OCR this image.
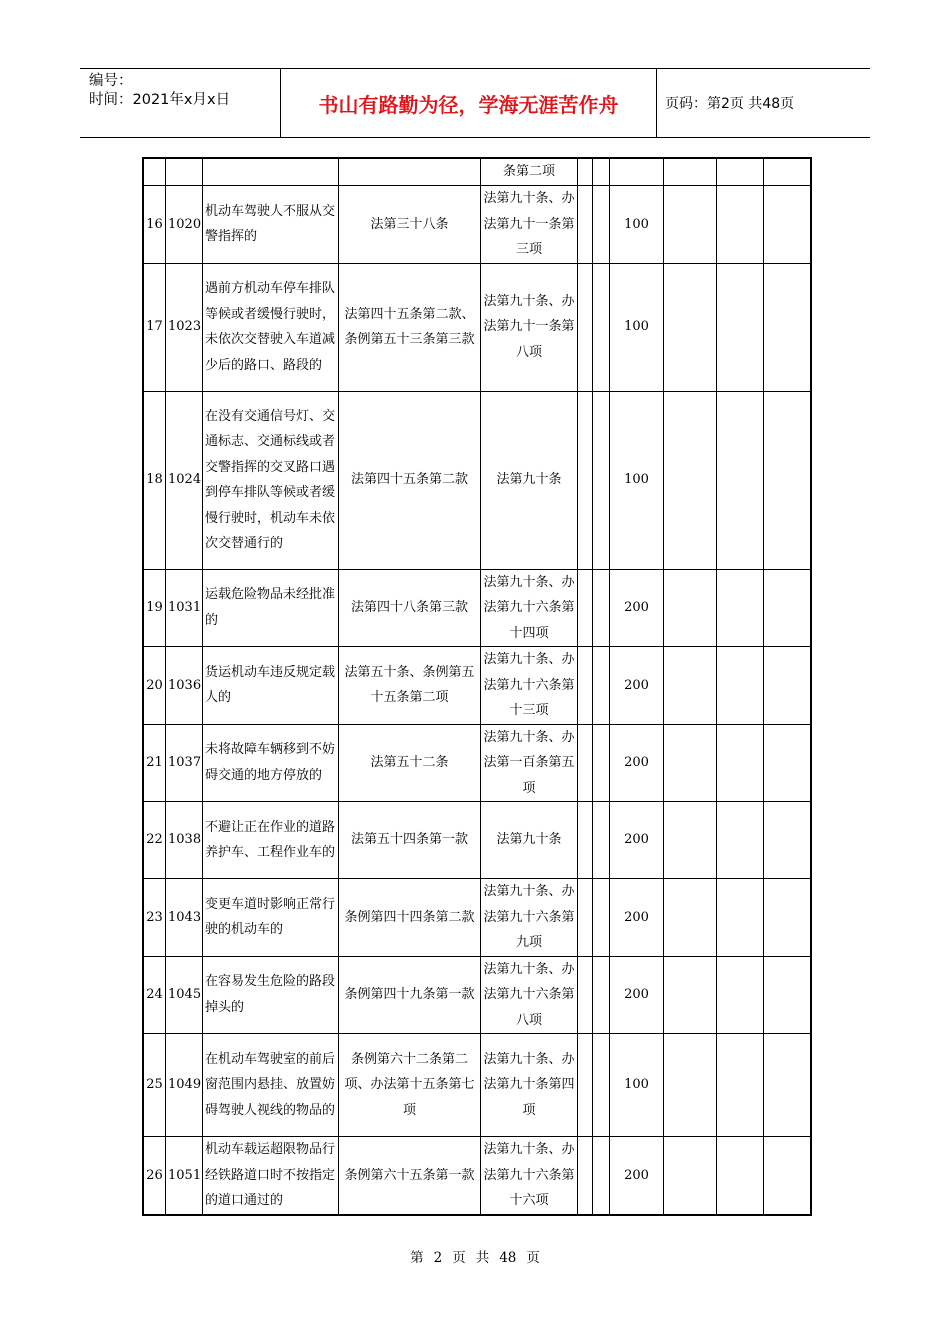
编号：
时间：2021年x月x日	书山有路勤为径，学海无涯苦作舟	页码：第2页 共48页
				条第二项						
16	1020	机动车驾驶人不服从交警指挥的	法第三十八条	法第九十条、办法第九十一条第三项			100			
17	1023	遇前方机动车停车排队等候或者缓慢行驶时，未依次交替驶入车道减少后的路口、路段的	法第四十五条第二款、条例第五十三条第三款	法第九十条、办法第九十一条第八项			100			
18	1024	在没有交通信号灯、交通标志、交通标线或者交警指挥的交叉路口遇到停车排队等候或者缓慢行驶时，机动车未依次交替通行的	法第四十五条第二款	法第九十条			100			
19	1031	运载危险物品未经批准的	法第四十八条第三款	法第九十条、办法第九十六条第十四项			200			
20	1036	货运机动车违反规定载人的	法第五十条、条例第五十五条第二项	法第九十条、办法第九十六条第十三项			200			
21	1037	未将故障车辆移到不妨碍交通的地方停放的	法第五十二条	法第九十条、办法第一百条第五项			200			
22	1038	不避让正在作业的道路养护车、工程作业车的	法第五十四条第一款	法第九十条			200			
23	1043	变更车道时影响正常行驶的机动车的	条例第四十四条第二款	法第九十条、办法第九十六条第九项			200			
24	1045	在容易发生危险的路段掉头的	条例第四十九条第一款	法第九十条、办法第九十六条第八项			200			
25	1049	在机动车驾驶室的前后窗范围内悬挂、放置妨碍驾驶人视线的物品的	条例第六十二条第二项、办法第十五条第七项	法第九十条、办法第九十条第四项			100			
26	1051	机动车载运超限物品行经铁路道口时不按指定的道口通过的	条例第六十五条第一款	法第九十条、办法第九十六条第十六项			200			
第 2 页 共 48 页
